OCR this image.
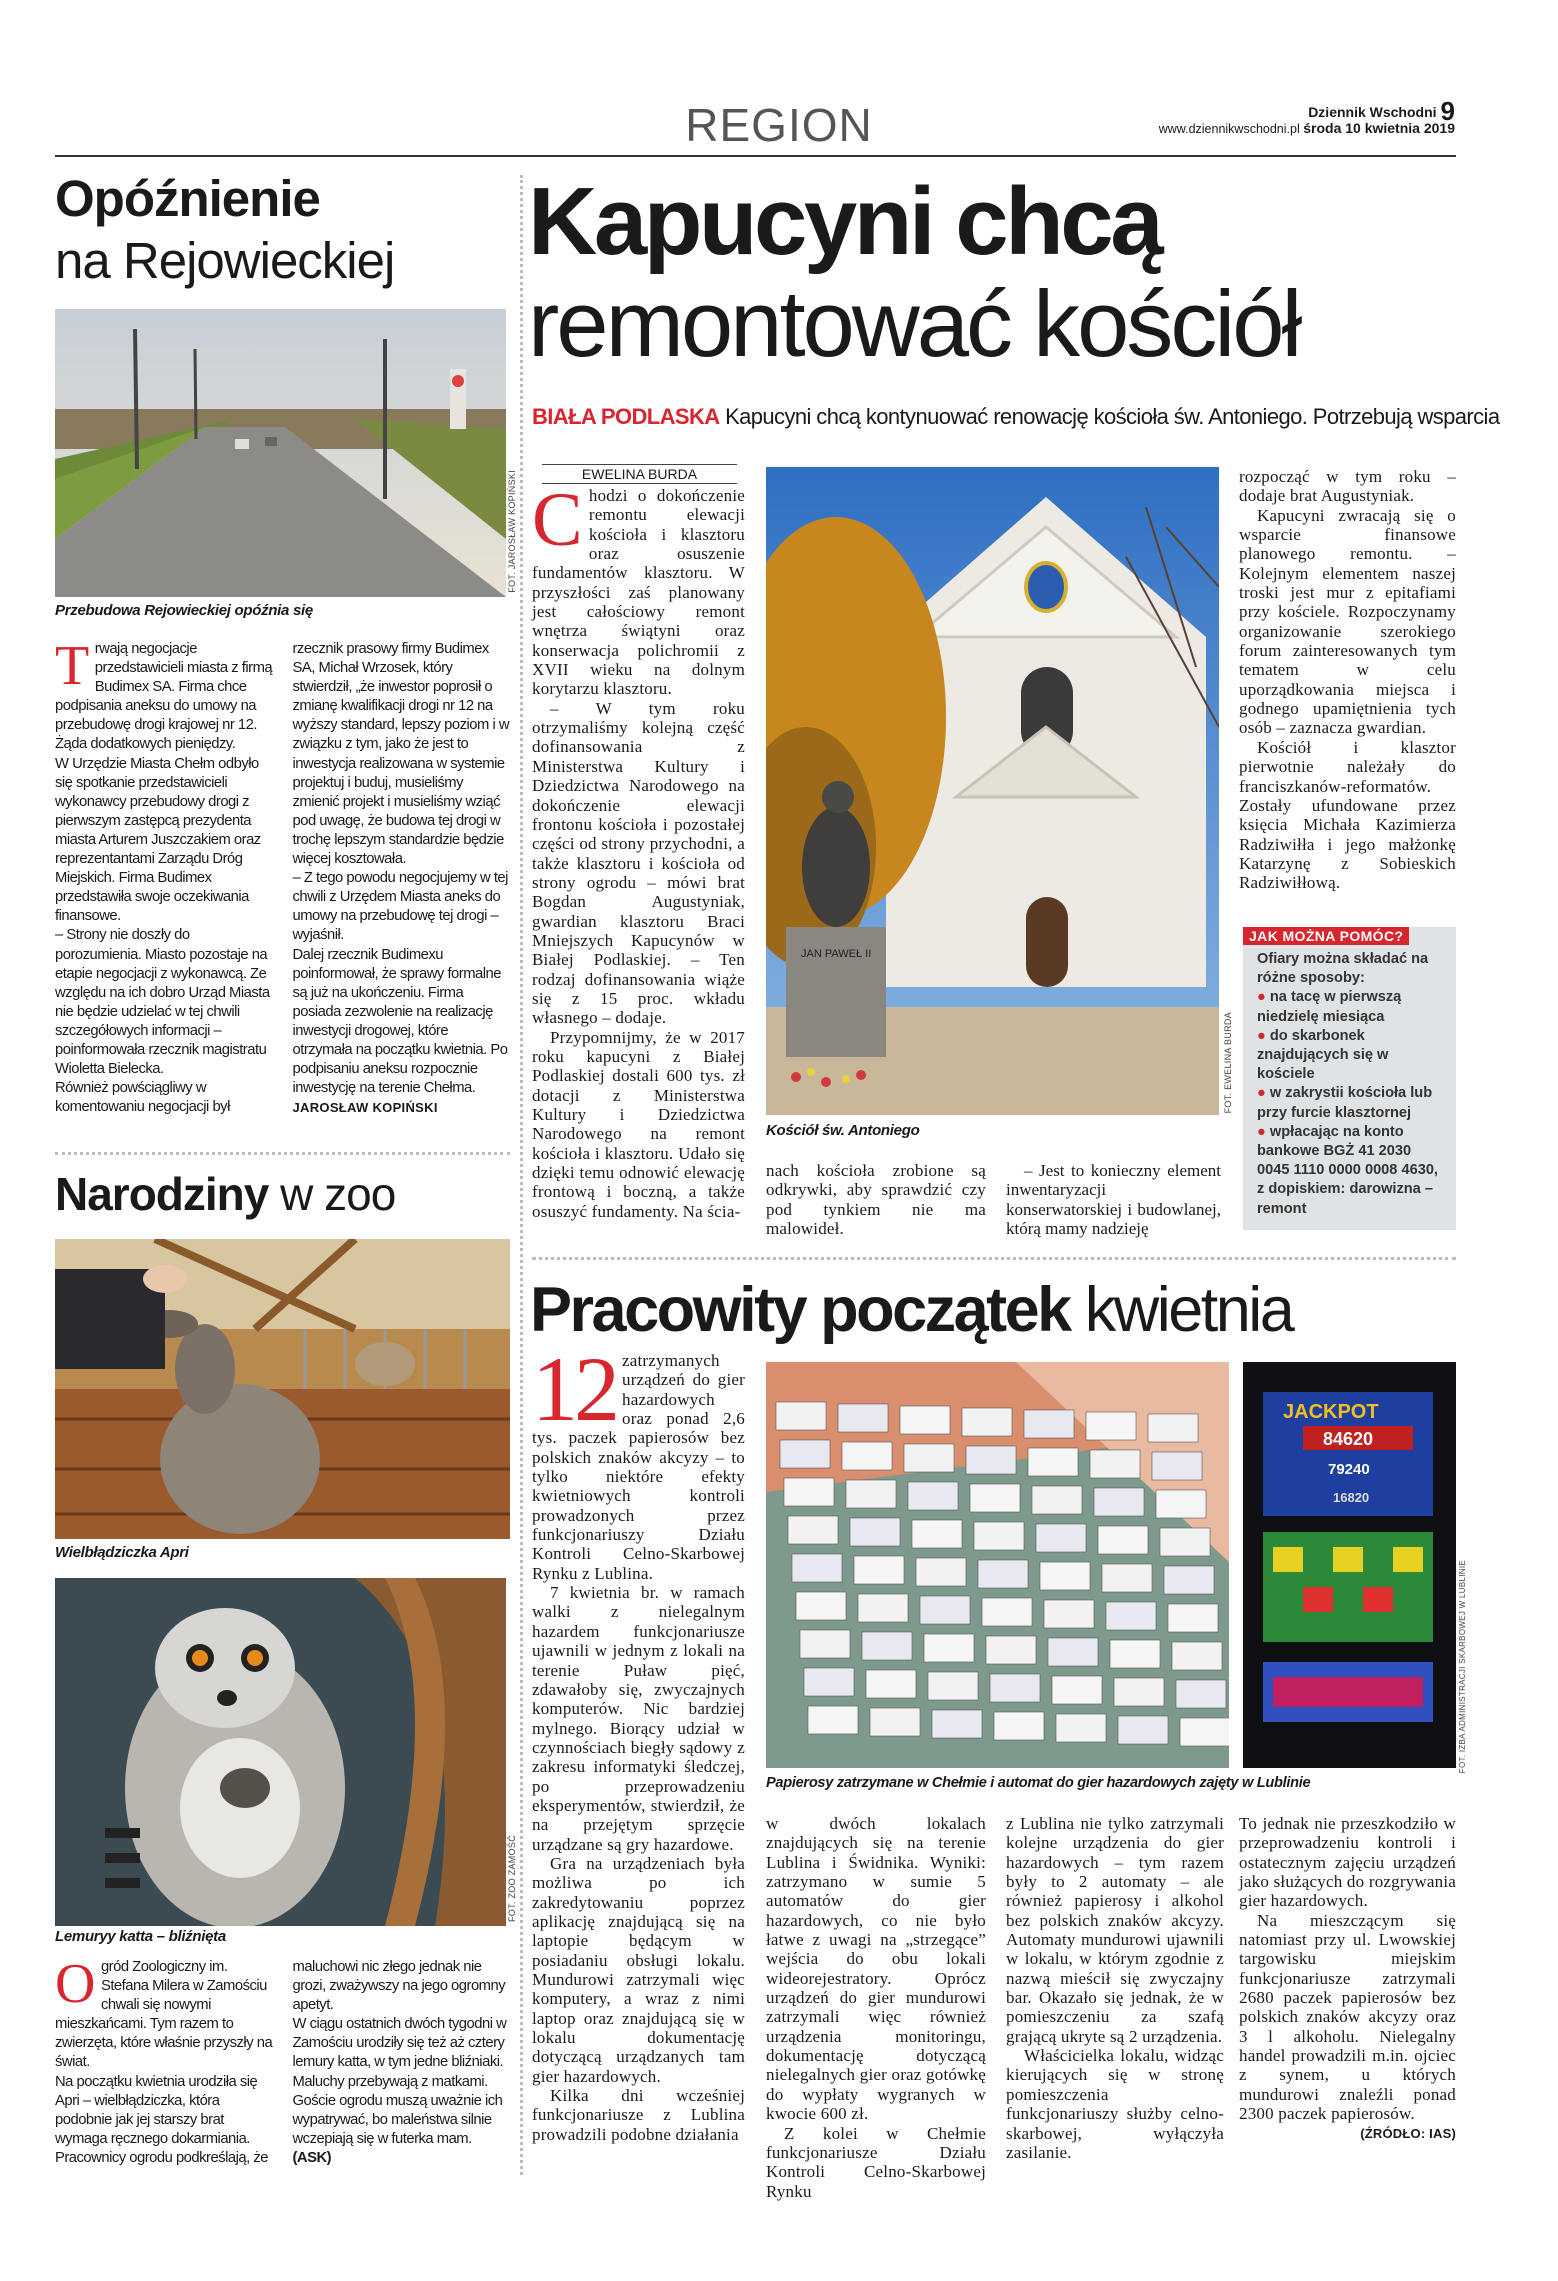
REGION	Dziennik Wschodni 9
www.dziennikwschodni.pl środa 10 kwietnia 2019
Opóźnienie
na Rejowieckiej
FOT. JAROSŁAW KOPIŃSKI
Przebudowa Rejowieckiej opóźnia się

Trwają negocjacje przedstawicieli miasta z firmą Budimex SA. Firma chce podpisania aneksu do umowy na przebudowę drogi krajowej nr 12. Żąda dodatkowych pieniędzy.

W Urzędzie Miasta Chełm odbyło się spotkanie przedstawicieli wykonawcy przebudowy drogi z pierwszym zastępcą prezydenta miasta Arturem Juszczakiem oraz reprezentantami Zarządu Dróg Miejskich. Firma Budimex przedstawiła swoje oczekiwania finansowe.

– Strony nie doszły do porozumienia. Miasto pozostaje na etapie negocjacji z wykonawcą. Ze względu na ich dobro Urząd Miasta nie będzie udzielać w tej chwili szczegółowych informacji – poinformowała rzecznik magistratu Wioletta Bielecka.

Również powściągliwy w komentowaniu negocjacji był rzecznik prasowy firmy Budimex SA, Michał Wrzosek, który stwierdził, „że inwestor poprosił o zmianę kwalifikacji drogi nr 12 na wyższy standard, lepszy poziom i w związku z tym, jako że jest to inwestycja realizowana w systemie projektuj i buduj, musieliśmy zmienić projekt i musieliśmy wziąć pod uwagę, że budowa tej drogi w trochę lepszym standardzie będzie więcej kosztowała.

– Z tego powodu negocjujemy w tej chwili z Urzędem Miasta aneks do umowy na przebudowę tej drogi – wyjaśnił.

Dalej rzecznik Budimexu poinformował, że sprawy formalne są już na ukończeniu. Firma posiada zezwolenie na realizację inwestycji drogowej, które otrzymała na początku kwietnia. Po podpisaniu aneksu rozpocznie inwestycję na terenie Chełma.

JAROSŁAW KOPIŃSKI

Narodziny w zoo
Wielbłądziczka Apri
FOT. ZOO ZAMOŚĆ
Lemuryy katta – bliźnięta

Ogród Zoologiczny im. Stefana Milera w Zamościu chwali się nowymi mieszkańcami. Tym razem to zwierzęta, które właśnie przyszły na świat.

Na początku kwietnia urodziła się Apri – wielbłądziczka, która podobnie jak jej starszy brat wymaga ręcznego dokarmiania. Pracownicy ogrodu podkreślają, że maluchowi nic złego jednak nie grozi, zważywszy na jego ogromny apetyt.

W ciągu ostatnich dwóch tygodni w Zamościu urodziły się też aż cztery lemury katta, w tym jedne bliźniaki. Maluchy przebywają z matkami. Goście ogrodu muszą uważnie ich wypatrywać, bo maleństwa silnie wczepiają się w futerka mam. (ASK)

Kapucyni chcą
remontować kościół
BIAŁA PODLASKA Kapucyni chcą kontynuować renowację kościoła św. Antoniego. Potrzebują wsparcia
EWELINA BURDA

Chodzi o dokończenie remontu elewacji kościoła i klasztoru oraz osuszenie fundamentów klasztoru. W przyszłości zaś planowany jest całościowy remont wnętrza świątyni oraz konserwacja polichromii z XVII wieku na dolnym korytarzu klasztoru.

– W tym roku otrzymaliśmy kolejną część dofinansowania z Ministerstwa Kultury i Dziedzictwa Narodowego na dokończenie elewacji frontonu kościoła i pozostałej części od strony przychodni, a także klasztoru i kościoła od strony ogrodu – mówi brat Bogdan Augustyniak, gwardian klasztoru Braci Mniejszych Kapucynów w Białej Podlaskiej. – Ten rodzaj dofinansowania wiąże się z 15 proc. wkładu własnego – dodaje.

Przypomnijmy, że w 2017 roku kapucyni z Białej Podlaskiej dostali 600 tys. zł dotacji z Ministerstwa Kultury i Dziedzictwa Narodowego na remont kościoła i klasztoru. Udało się dzięki temu odnowić elewację frontową i boczną, a także osuszyć fundamenty. Na ścia-

JAN PAWEŁ II
FOT. EWELINA BURDA
Kościół św. Antoniego

nach kościoła zrobione są odkrywki, aby sprawdzić czy pod tynkiem nie ma malowideł.

– Jest to konieczny element inwentaryzacji konserwatorskiej i budowlanej, którą mamy nadzieję

rozpocząć w tym roku – dodaje brat Augustyniak.

Kapucyni zwracają się o wsparcie finansowe planowego remontu. – Kolejnym elementem naszej troski jest mur z epitafiami przy kościele. Rozpoczynamy organizowanie szerokiego forum zainteresowanych tym tematem w celu uporządkowania miejsca i godnego upamiętnienia tych osób – zaznacza gwardian.

Kościół i klasztor pierwotnie należały do franciszkanów-reformatów. Zostały ufundowane przez księcia Michała Kazimierza Radziwiłła i jego małżonkę Katarzynę z Sobieskich Radziwiłłową.

JAK MOŻNA POMÓC?
Ofiary można składać na różne sposoby:
● na tacę w pierwszą niedzielę miesiąca
● do skarbonek znajdujących się w kościele
● w zakrystii kościoła lub przy furcie klasztornej
● wpłacając na konto bankowe BGŻ 41 2030 0045 1110 0000 0008 4630, z dopiskiem: darowizna – remont
Pracowity początek kwietnia

12 zatrzymanych urządzeń do gier hazardowych oraz ponad 2,6 tys. paczek papierosów bez polskich znaków akcyzy – to tylko niektóre efekty kwietniowych kontroli prowadzonych przez funkcjonariuszy Działu Kontroli Celno-Skarbowej Rynku z Lublina.

7 kwietnia br. w ramach walki z nielegalnym hazardem funkcjonariusze ujawnili w jednym z lokali na terenie Puław pięć, zdawałoby się, zwyczajnych komputerów. Nic bardziej mylnego. Biorący udział w czynnościach biegły sądowy z zakresu informatyki śledczej, po przeprowadzeniu eksperymentów, stwierdził, że na przejętym sprzęcie urządzane są gry hazardowe.

Gra na urządzeniach była możliwa po ich zakredytowaniu poprzez aplikację znajdującą się na laptopie będącym w posiadaniu obsługi lokalu. Mundurowi zatrzymali więc komputery, a wraz z nimi laptop oraz znajdującą się w lokalu dokumentację dotyczącą urządzanych tam gier hazardowych.

Kilka dni wcześniej funkcjonariusze z Lublina prowadzili podobne działania

JACKPOT
84620
79240
16820
FOT. IZBA ADMINISTRACJI SKARBOWEJ W LUBLINIE
Papierosy zatrzymane w Chełmie i automat do gier hazardowych zajęty w Lublinie

w dwóch lokalach znajdujących się na terenie Lublina i Świdnika. Wyniki: zatrzymano w sumie 5 automatów do gier hazardowych, co nie było łatwe z uwagi na „strzegące” wejścia do obu lokali wideorejestratory. Oprócz urządzeń do gier mundurowi zatrzymali więc również urządzenia monitoringu, dokumentację dotyczącą nielegalnych gier oraz gotówkę do wypłaty wygranych w kwocie 600 zł.

Z kolei w Chełmie funkcjonariusze Działu Kontroli Celno-Skarbowej Rynku

z Lublina nie tylko zatrzymali kolejne urządzenia do gier hazardowych – tym razem były to 2 automaty – ale również papierosy i alkohol bez polskich znaków akcyzy. Automaty mundurowi ujawnili w lokalu, w którym zgodnie z nazwą mieścił się zwyczajny bar. Okazało się jednak, że w pomieszczeniu za szafą grającą ukryte są 2 urządzenia.

Właścicielka lokalu, widząc kierujących się w stronę pomieszczenia funkcjonariuszy służby celno-skarbowej, wyłączyła zasilanie.

To jednak nie przeszkodziło w przeprowadzeniu kontroli i ostatecznym zajęciu urządzeń jako służących do rozgrywania gier hazardowych.

Na mieszczącym się natomiast przy ul. Lwowskiej targowisku miejskim funkcjonariusze zatrzymali 2680 paczek papierosów bez polskich znaków akcyzy oraz 3 l alkoholu. Nielegalny handel prowadzili m.in. ojciec z synem, u których mundurowi znaleźli ponad 2300 paczek papierosów.
(ŹRÓDŁO: IAS)
